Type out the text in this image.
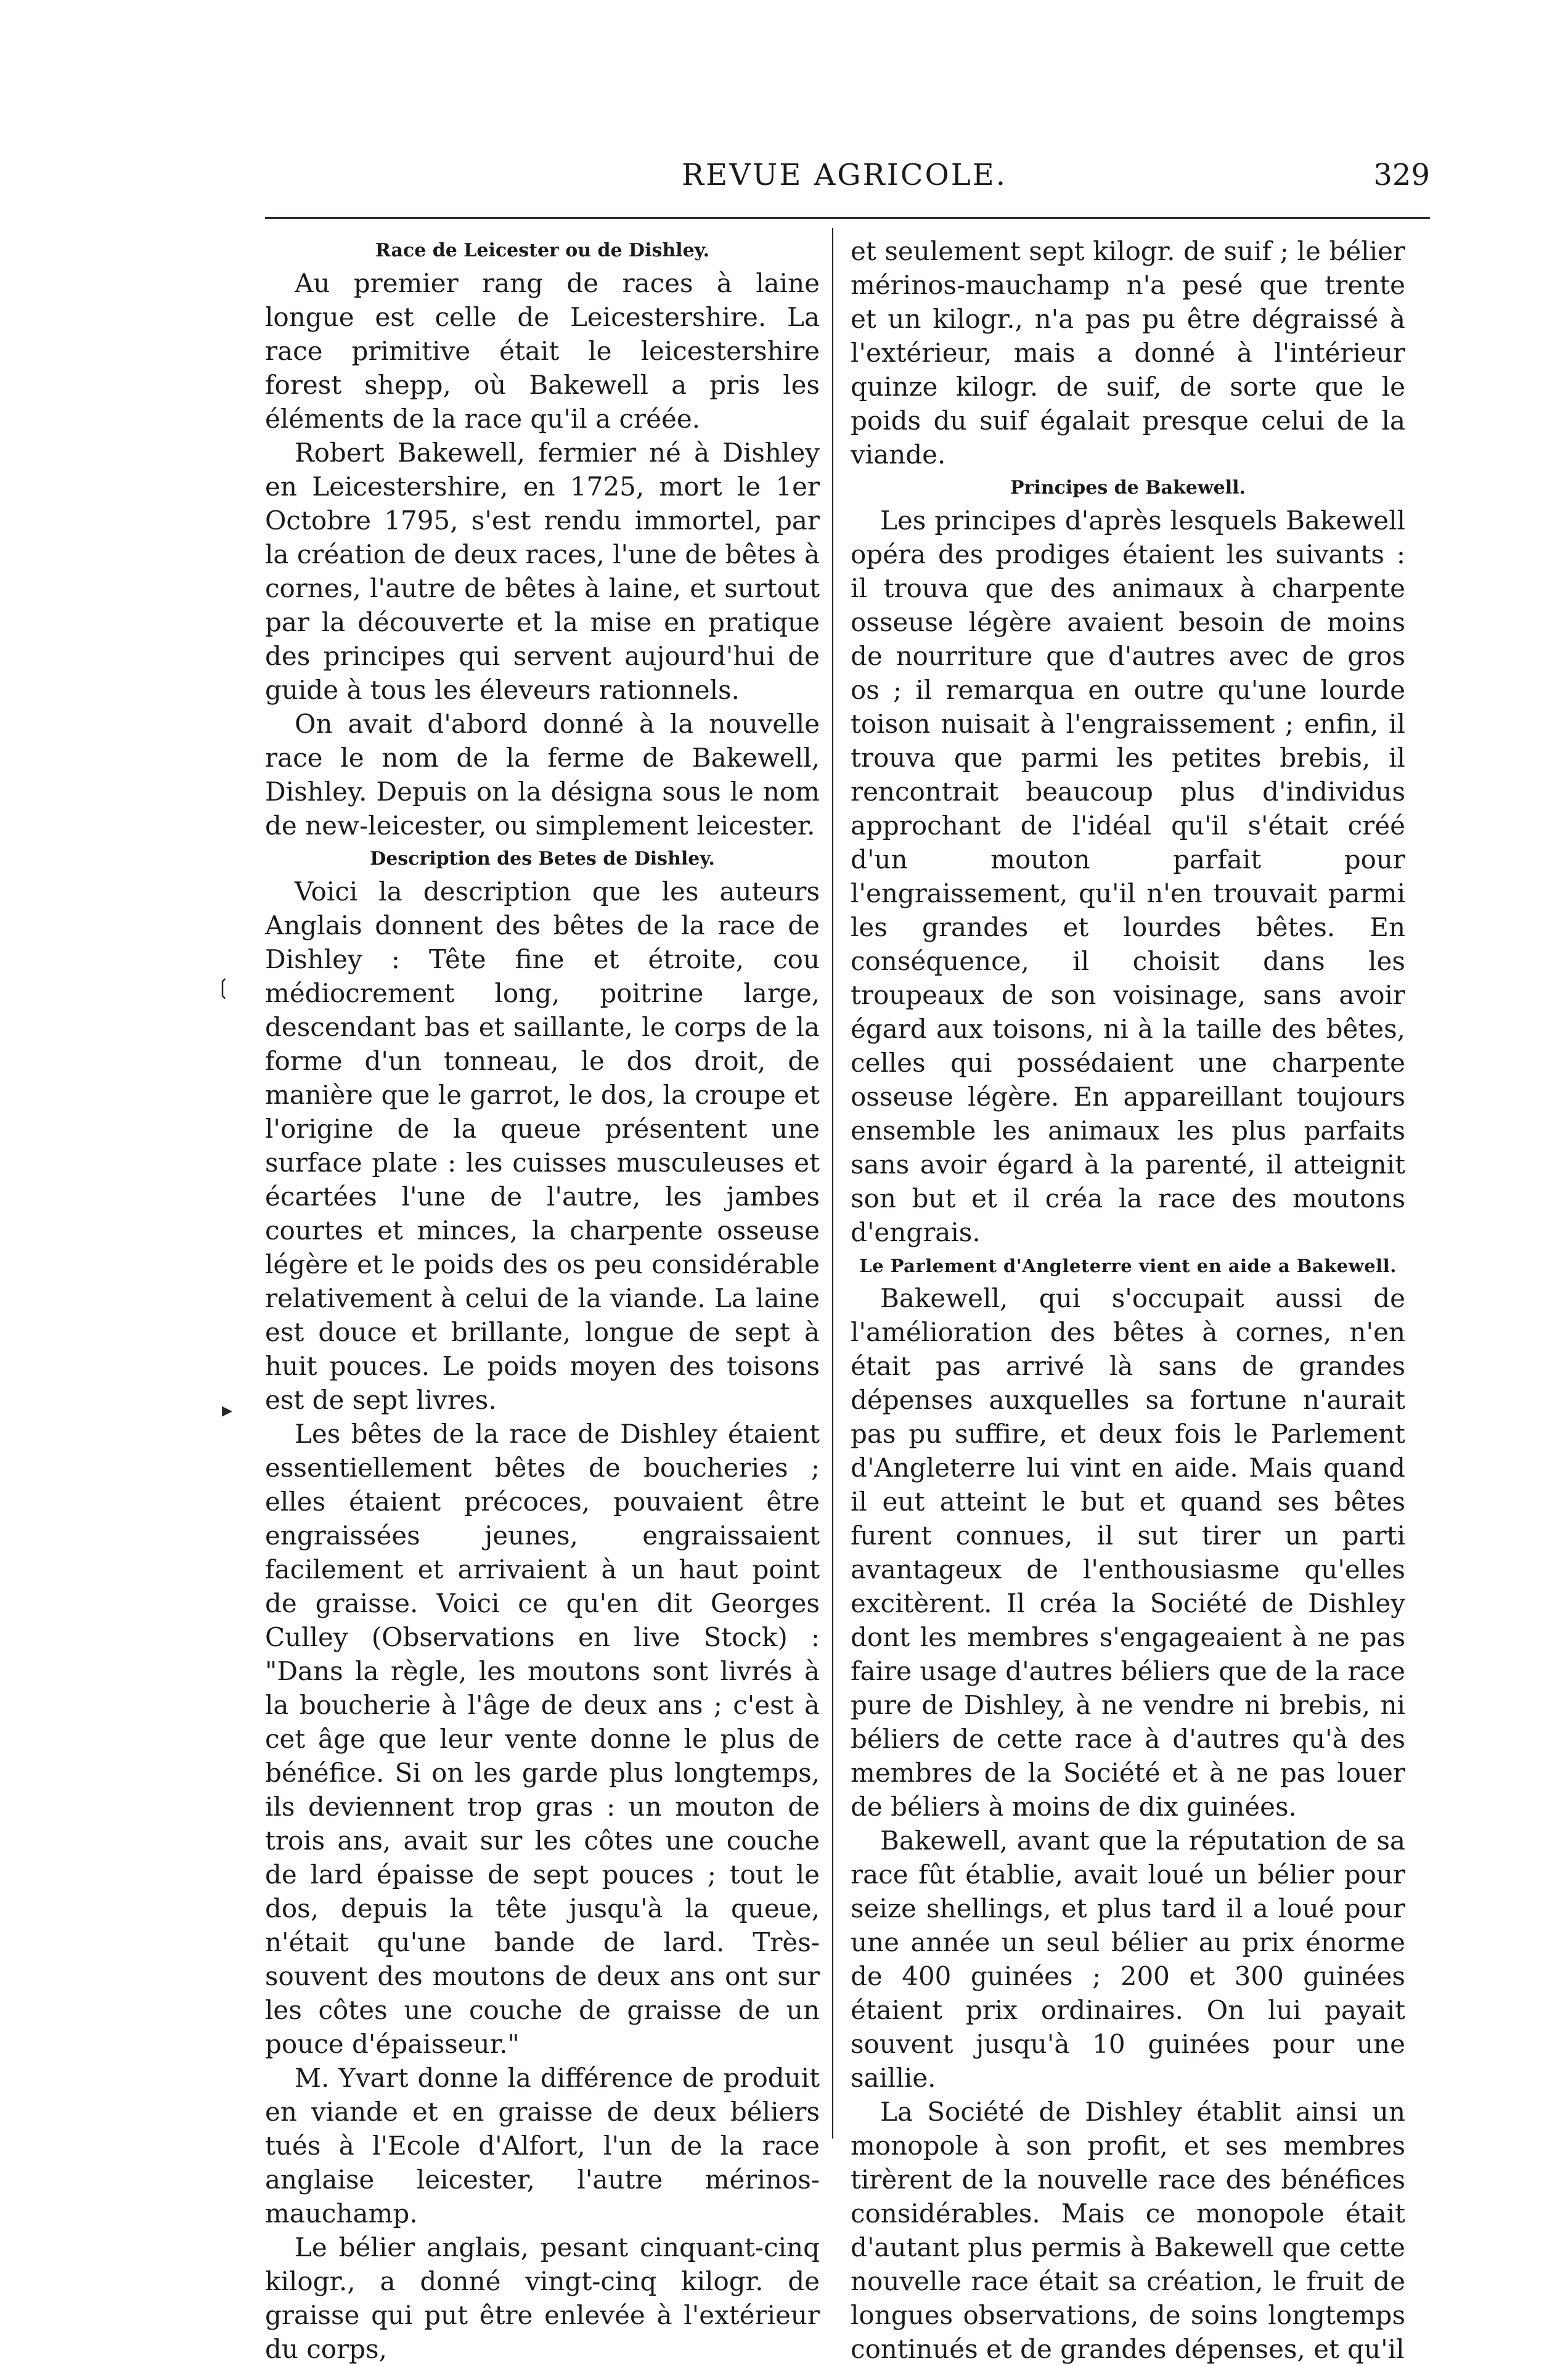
REVUE AGRICOLE.	329
❲
▸
Race de Leicester ou de Dishley.

Au premier rang de races à laine longue est celle de Leicestershire. La race primitive était le leicestershire forest shepp, où Bakewell a pris les éléments de la race qu'il a créée.

Robert Bakewell, fermier né à Dishley en Leicestershire, en 1725, mort le 1er Octobre 1795, s'est rendu immortel, par la création de deux races, l'une de bêtes à cornes, l'autre de bêtes à laine, et surtout par la découverte et la mise en pratique des principes qui servent aujourd'hui de guide à tous les éleveurs rationnels.

On avait d'abord donné à la nouvelle race le nom de la ferme de Bakewell, Dishley. Depuis on la désigna sous le nom de new-leicester, ou simplement leicester.

Description des Betes de Dishley.

Voici la description que les auteurs Anglais donnent des bêtes de la race de Dishley : Tête fine et étroite, cou médiocrement long, poitrine large, descendant bas et saillante, le corps de la forme d'un tonneau, le dos droit, de manière que le garrot, le dos, la croupe et l'origine de la queue présentent une surface plate : les cuisses musculeuses et écartées l'une de l'autre, les jambes courtes et minces, la charpente osseuse légère et le poids des os peu considérable relativement à celui de la viande. La laine est douce et brillante, longue de sept à huit pouces. Le poids moyen des toisons est de sept livres.

Les bêtes de la race de Dishley étaient essentiellement bêtes de boucheries ; elles étaient précoces, pouvaient être engraissées jeunes, engraissaient facilement et arrivaient à un haut point de graisse. Voici ce qu'en dit Georges Culley (Observations en live Stock) : "Dans la règle, les moutons sont livrés à la boucherie à l'âge de deux ans ; c'est à cet âge que leur vente donne le plus de bénéfice. Si on les garde plus longtemps, ils deviennent trop gras : un mouton de trois ans, avait sur les côtes une couche de lard épaisse de sept pouces ; tout le dos, depuis la tête jusqu'à la queue, n'était qu'une bande de lard. Très-souvent des moutons de deux ans ont sur les côtes une couche de graisse de un pouce d'épaisseur."

M. Yvart donne la différence de produit en viande et en graisse de deux béliers tués à l'Ecole d'Alfort, l'un de la race anglaise leicester, l'autre mérinos-mauchamp.

Le bélier anglais, pesant cinquant-cinq kilogr., a donné vingt-cinq kilogr. de graisse qui put être enlevée à l'extérieur du corps,

et seulement sept kilogr. de suif ; le bélier mérinos-mauchamp n'a pesé que trente et un kilogr., n'a pas pu être dégraissé à l'extérieur, mais a donné à l'intérieur quinze kilogr. de suif, de sorte que le poids du suif égalait presque celui de la viande.

Principes de Bakewell.

Les principes d'après lesquels Bakewell opéra des prodiges étaient les suivants : il trouva que des animaux à charpente osseuse légère avaient besoin de moins de nourriture que d'autres avec de gros os ; il remarqua en outre qu'une lourde toison nuisait à l'engraissement ; enfin, il trouva que parmi les petites brebis, il rencontrait beaucoup plus d'individus approchant de l'idéal qu'il s'était créé d'un mouton parfait pour l'engraissement, qu'il n'en trouvait parmi les grandes et lourdes bêtes. En conséquence, il choisit dans les troupeaux de son voisinage, sans avoir égard aux toisons, ni à la taille des bêtes, celles qui possédaient une charpente osseuse légère. En appareillant toujours ensemble les animaux les plus parfaits sans avoir égard à la parenté, il atteignit son but et il créa la race des moutons d'engrais.

Le Parlement d'Angleterre vient en aide a Bakewell.

Bakewell, qui s'occupait aussi de l'amélioration des bêtes à cornes, n'en était pas arrivé là sans de grandes dépenses auxquelles sa fortune n'aurait pas pu suffire, et deux fois le Parlement d'Angleterre lui vint en aide. Mais quand il eut atteint le but et quand ses bêtes furent connues, il sut tirer un parti avantageux de l'enthousiasme qu'elles excitèrent. Il créa la Société de Dishley dont les membres s'engageaient à ne pas faire usage d'autres béliers que de la race pure de Dishley, à ne vendre ni brebis, ni béliers de cette race à d'autres qu'à des membres de la Société et à ne pas louer de béliers à moins de dix guinées.

Bakewell, avant que la réputation de sa race fût établie, avait loué un bélier pour seize shellings, et plus tard il a loué pour une année un seul bélier au prix énorme de 400 guinées ; 200 et 300 guinées étaient prix ordinaires. On lui payait souvent jusqu'à 10 guinées pour une saillie.

La Société de Dishley établit ainsi un monopole à son profit, et ses membres tirèrent de la nouvelle race des bénéfices considérables. Mais ce monopole était d'autant plus permis à Bakewell que cette nouvelle race était sa création, le fruit de longues observations, de soins longtemps continués et de grandes dépenses, et qu'il
